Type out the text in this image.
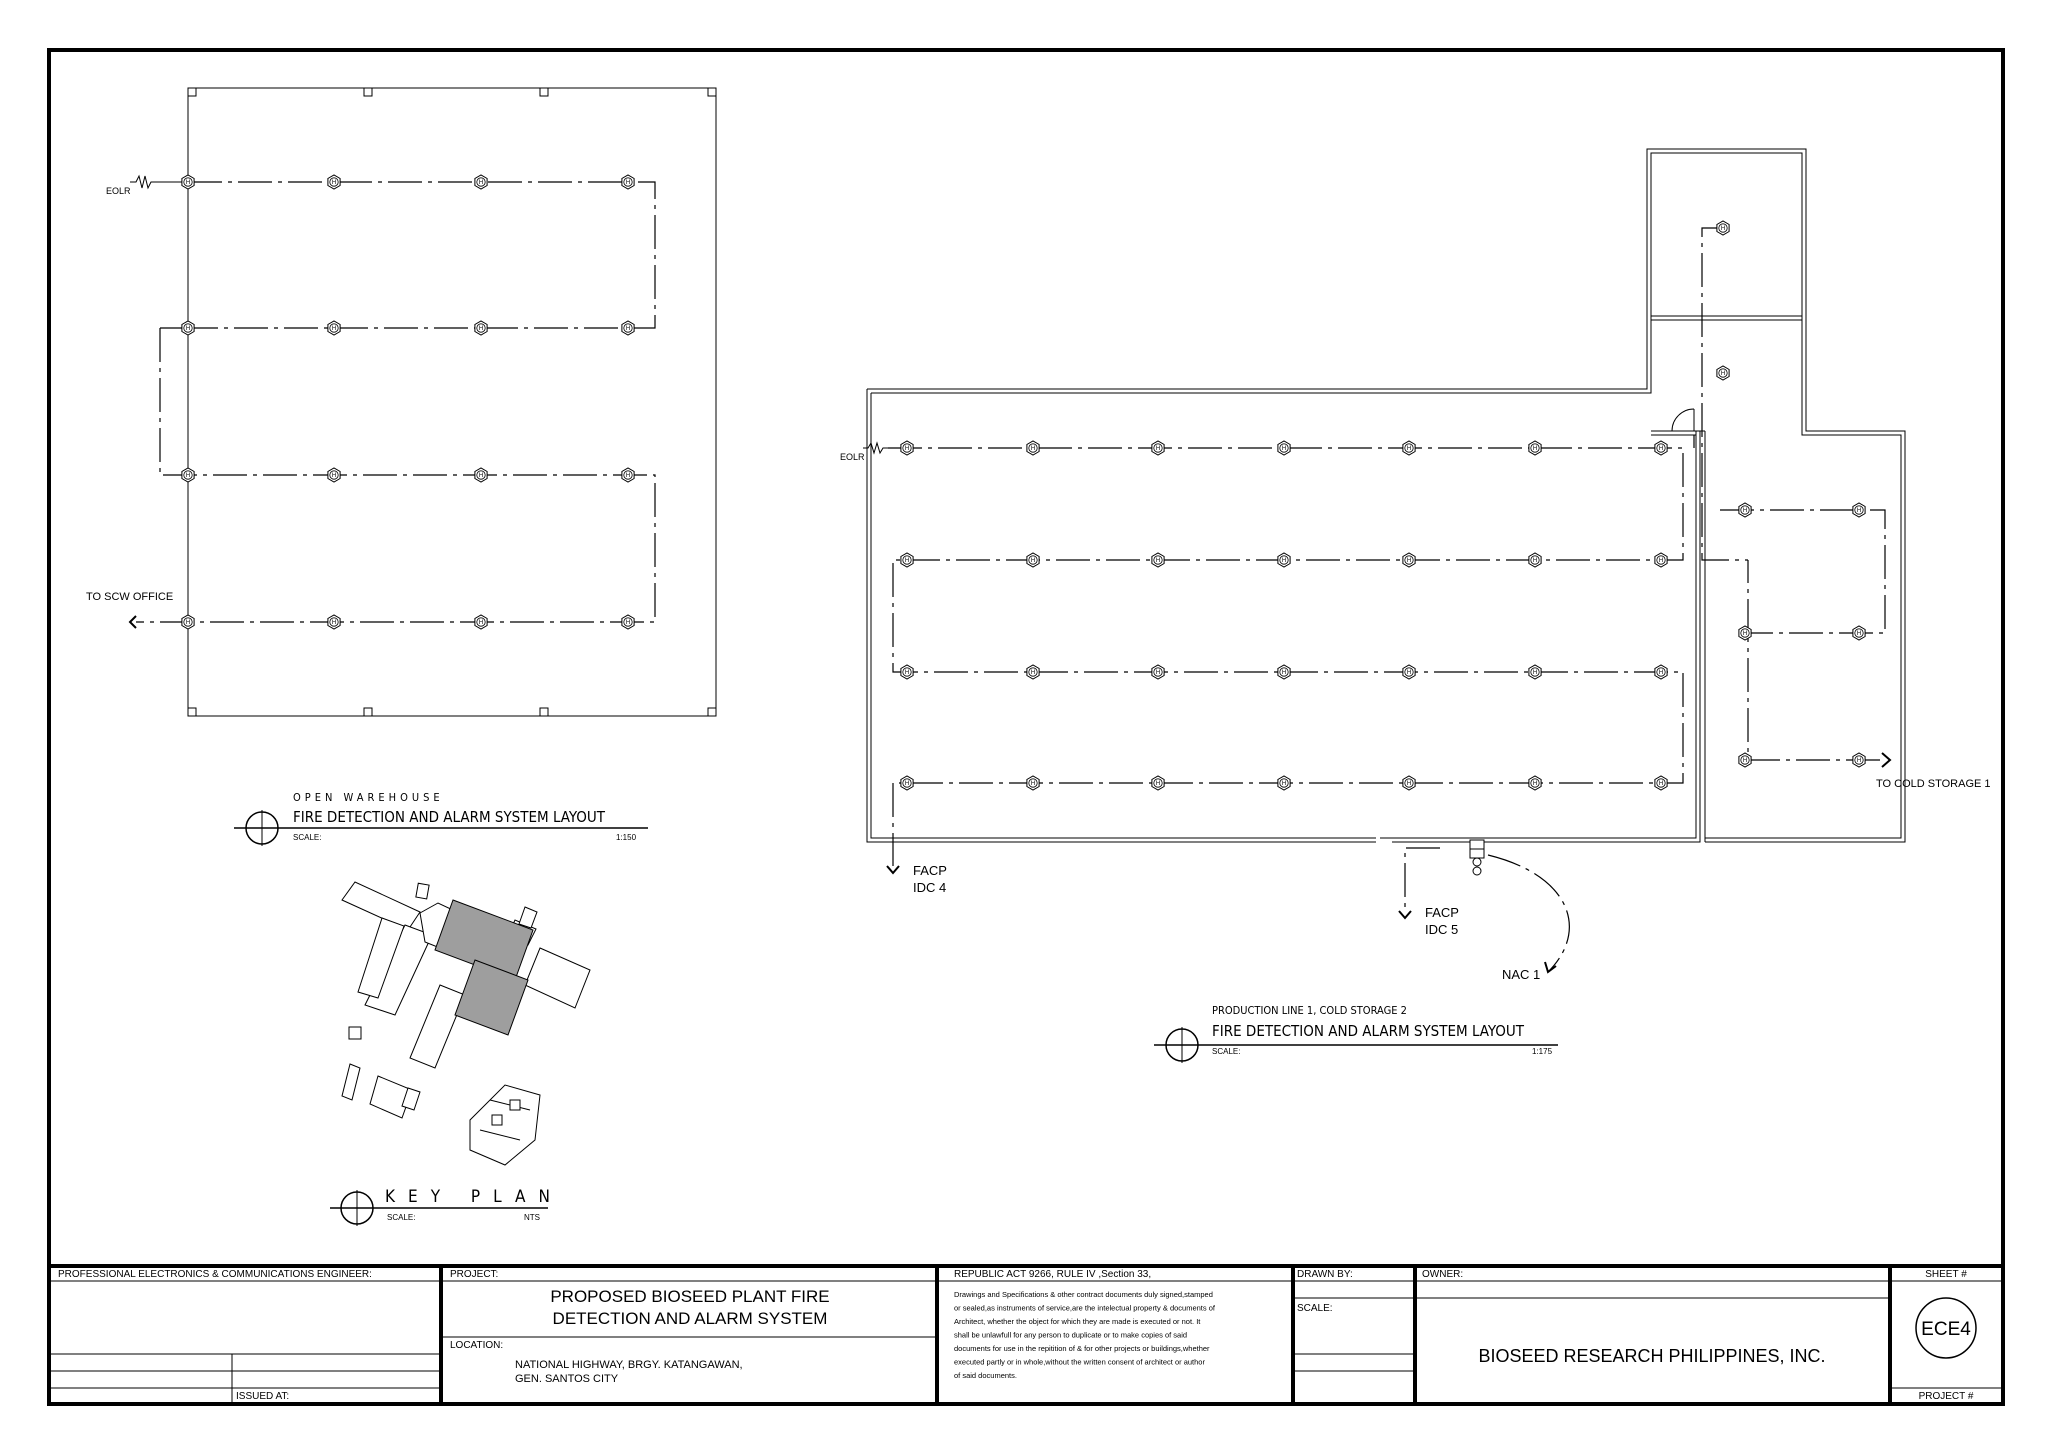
EOLR
TO SCW OFFICE
H	H	H	H
H	H	H	H
H	H	H	H
H	H	H	H
OPEN WAREHOUSE
FIRE DETECTION AND ALARM SYSTEM LAYOUT
SCALE:	1:150
KEY PLAN
SCALE:	NTS
EOLR
FACP
IDC 4
FACP
IDC 5
TO COLD STORAGE 1
NAC 1
H	H	H	H	H	H	H
H	H	H	H	H	H	H
H	H	H	H	H	H	H
H	H	H	H	H	H	H
H
H
H	H
H	H
H	H
PRODUCTION LINE 1, COLD STORAGE 2
FIRE DETECTION AND ALARM SYSTEM LAYOUT
SCALE:	1:175
PROFESSIONAL ELECTRONICS & COMMUNICATIONS ENGINEER:
ISSUED AT:
PROJECT:
PROPOSED BIOSEED PLANT FIRE
DETECTION AND ALARM SYSTEM
LOCATION:
NATIONAL HIGHWAY, BRGY. KATANGAWAN,
GEN. SANTOS CITY
REPUBLIC ACT 9266, RULE IV ,Section 33,
Drawings and Specifications & other contract documents duly signed,stamped
or sealed,as instruments of service,are the intelectual property & documents of
Architect, whether the object for which they are made is executed or not. It
shall be unlawfull for any person to duplicate or to make copies of said
documents for use in the repitition of & for other projects or buildings,whether
executed partly or in whole,without the written consent of architect or author
of said documents.
DRAWN BY:
SCALE:
OWNER:
BIOSEED RESEARCH PHILIPPINES, INC.
SHEET #
ECE4
PROJECT #
